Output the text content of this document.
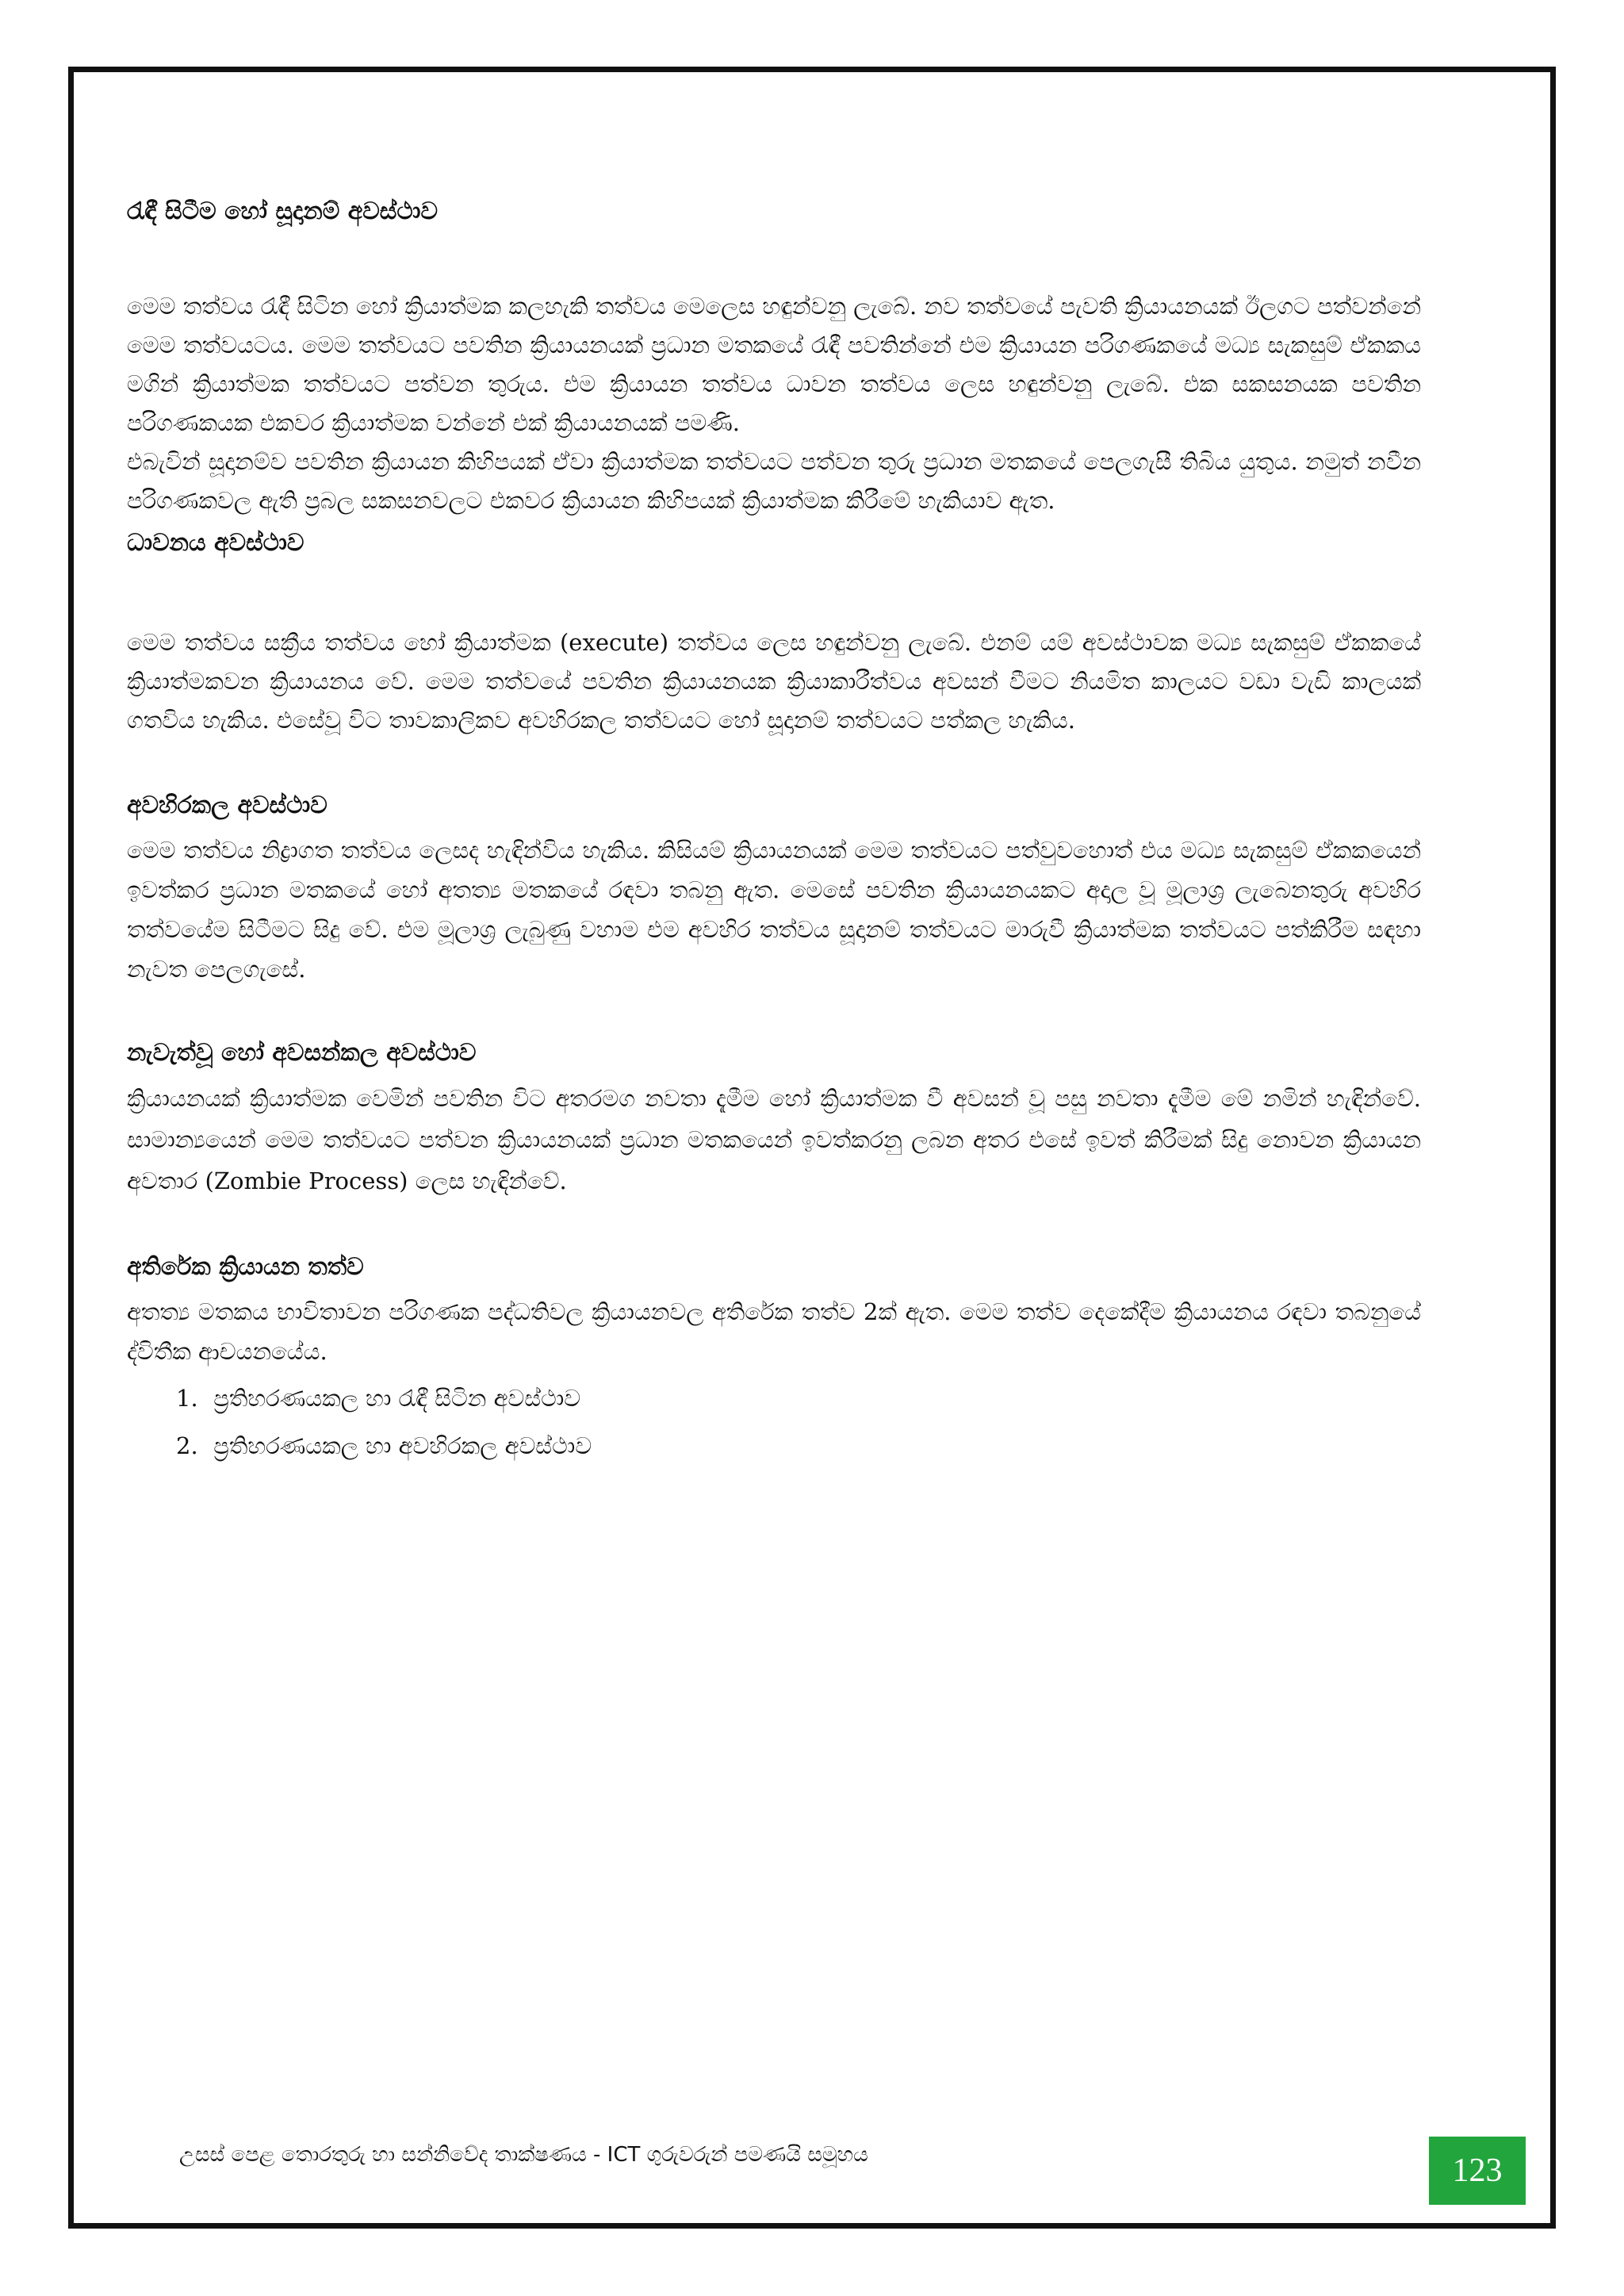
රැඳී සිටීම හෝ සූදානම් අවස්ථාව

මෙම තත්වය රැඳී සිටින හෝ ක්‍රියාත්මක කලහැකි තත්වය මෙලෙස හඳුන්වනු ලැබේ. නව තත්වයේ පැවති ක්‍රියායනයක් ඊලගට පත්වන්නේ මෙම තත්වයටය. මෙම තත්වයට පවතින ක්‍රියායනයක් ප්‍රධාන මතකයේ රැඳී පවතින්නේ එම ක්‍රියායන පරිගණකයේ මධ්‍ය සැකසුම් ඒකකය මගින් ක්‍රියාත්මක තත්වයට පත්වන තුරුය. එම ක්‍රියායන තත්වය ධාවන තත්වය ලෙස හඳුන්වනු ලැබේ. එක සකසනයක පවතින පරිගණකයක එකවර ක්‍රියාත්මක වන්නේ එක් ක්‍රියායනයක් පමණි.

එබැවින් සූදානම්ව පවතින ක්‍රියායන කිහිපයක් ඒවා ක්‍රියාත්මක තත්වයට පත්වන තුරු ප්‍රධාන මතකයේ පෙලගැසී තිබිය යුතුය. නමුත් නවීන පරිගණකවල ඇති ප්‍රබල සකසනවලට එකවර ක්‍රියායන කිහිපයක් ක්‍රියාත්මක කිරීමේ හැකියාව ඇත.

ධාවනය අවස්ථාව

මෙම තත්වය සක්‍රීය තත්වය හෝ ක්‍රියාත්මක (execute) තත්වය ලෙස හඳුන්වනු ලැබේ. එනම් යම් අවස්ථාවක මධ්‍ය සැකසුම් ඒකකයේ ක්‍රියාත්මකවන ක්‍රියායනය වේ. මෙම තත්වයේ පවතින ක්‍රියායනයක ක්‍රියාකාරීත්වය අවසන් වීමට නියමිත කාලයට වඩා වැඩි කාලයක් ගතවිය හැකිය. එසේවූ විට තාවකාලිකව අවහිරකල තත්වයට හෝ සූදානම් තත්වයට පත්කල හැකිය.

අවහිරකල අවස්ථාව

මෙම තත්වය නිද්‍රාගත තත්වය ලෙසද හැඳින්විය හැකිය. කිසියම් ක්‍රියායනයක් මෙම තත්වයට පත්වුවහොත් එය මධ්‍ය සැකසුම් ඒකකයෙන් ඉවත්කර ප්‍රධාන මතකයේ හෝ අතත්‍ය මතකයේ රඳවා තබනු ඇත. මෙසේ පවතින ක්‍රියායනයකට අදාල වූ මූලාශ්‍ර ලැබෙනතුරු අවහිර තත්වයේම සිටීමට සිදු වේ. එම මූලාශ්‍ර ලැබුණු වහාම එම අවහිර තත්වය සූදානම් තත්වයට මාරුවී ක්‍රියාත්මක තත්වයට පත්කිරීම සඳහා නැවත පෙලගැසේ.

නැවැත්වූ හෝ අවසන්කල අවස්ථාව

ක්‍රියායනයක් ක්‍රියාත්මක වෙමින් පවතින විට අතරමග නවතා දැමීම හෝ ක්‍රියාත්මක වී අවසන් වූ පසු නවතා දැමීම මේ නමින් හැඳින්වේ. සාමාන්‍යයෙන් මෙම තත්වයට පත්වන ක්‍රියායනයක් ප්‍රධාන මතකයෙන් ඉවත්කරනු ලබන අතර එසේ ඉවත් කිරීමක් සිදු නොවන ක්‍රියායන අවතාර (Zombie Process) ලෙස හැඳින්වේ.

අතිරේක ක්‍රියායන තත්ව

අතත්‍ය මතකය භාවිතාවන පරිගණක පද්ධතිවල ක්‍රියායනවල අතිරේක තත්ව 2ක් ඇත. මෙම තත්ව දෙකේදීම ක්‍රියායනය රඳවා තබනුයේ ද්විතීක ආචයනයේය.

1. ප්‍රතිහරණයකල හා රැඳී සිටින අවස්ථාව
2. ප්‍රතිහරණයකල හා අවහිරකල අවස්ථාව
උසස් පෙළ තොරතුරු හා සන්නිවේද තාක්ෂණය - ICT ගුරුවරුන් පමණයි සමූහය	123
